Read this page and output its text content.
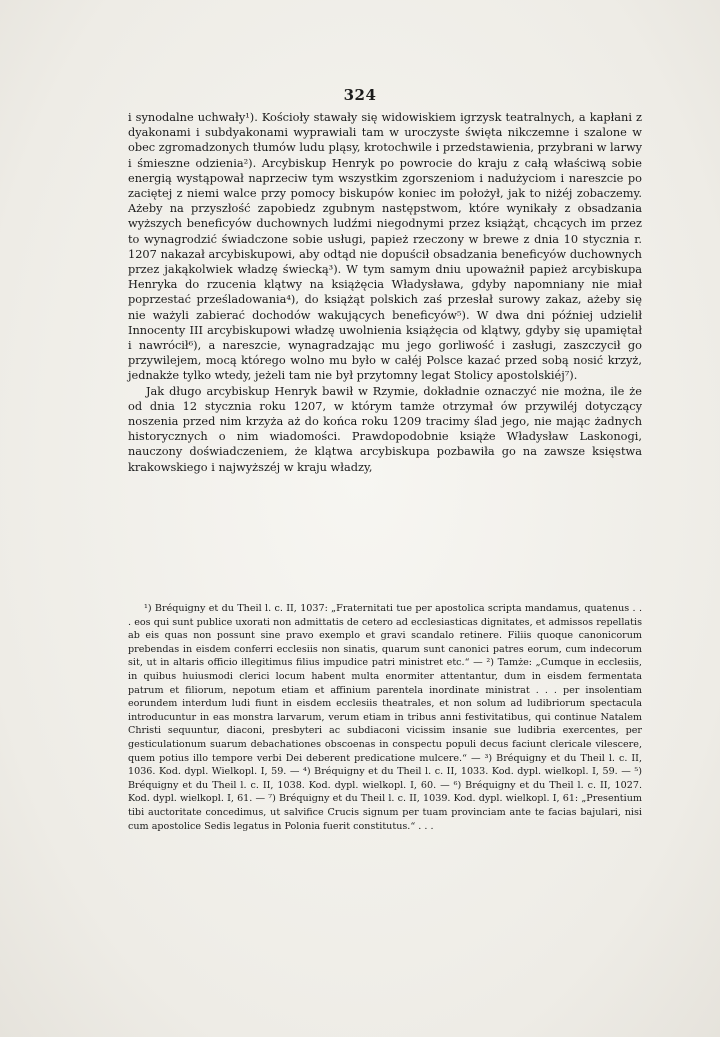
324

i synodalne uchwały¹). Kościoły stawały się widowiskiem igrzysk teatralnych, a kapłani z dyakonami i subdyakonami wyprawiali tam w uroczyste święta nikczemne i szalone w obec zgromadzonych tłumów ludu pląsy, krotochwile i przedstawienia, przybrani w larwy i śmieszne odzienia²). Arcybiskup Henryk po powrocie do kraju z całą właściwą sobie energią wystąpował naprzeciw tym wszystkim zgorszeniom i nadużyciom i nareszcie po zaciętej z niemi walce przy pomocy biskupów koniec im położył, jak to niżéj zobaczemy. Ażeby na przyszłość zapobiedz zgubnym następstwom, które wynikały z obsadzania wyższych beneficyów duchownych ludźmi niegodnymi przez książąt, chcących im przez to wynagrodzić świadczone sobie usługi, papież rzeczony w brewe z dnia 10 stycznia r. 1207 nakazał arcybiskupowi, aby odtąd nie dopuścił obsadzania beneficyów duchownych przez jakąkolwiek władzę świecką³). W tym samym dniu upoważnił papież arcybiskupa Henryka do rzucenia klątwy na książęcia Władysława, gdyby napomniany nie miał poprzestać prześladowania⁴), do książąt polskich zaś przesłał surowy zakaz, ażeby się nie ważyli zabierać dochodów wakujących beneficyów⁵). W dwa dni później udzielił Innocenty III arcybiskupowi władzę uwolnienia książęcia od klątwy, gdyby się upamiętał i nawrócił⁶), a nareszcie, wynagradzając mu jego gorliwość i zasługi, zaszczycił go przywilejem, mocą którego wolno mu było w całéj Polsce kazać przed sobą nosić krzyż, jednakże tylko wtedy, jeżeli tam nie był przytomny legat Stolicy apostolskiéj⁷).

Jak długo arcybiskup Henryk bawił w Rzymie, dokładnie oznaczyć nie można, ile że od dnia 12 stycznia roku 1207, w którym tamże otrzymał ów przywiléj dotyczący noszenia przed nim krzyża aż do końca roku 1209 tracimy ślad jego, nie mając żadnych historycznych o nim wiadomości. Prawdopodobnie książe Władysław Laskonogi, nauczony doświadczeniem, że klątwa arcybiskupa pozbawiła go na zawsze księstwa krakowskiego i najwyższéj w kraju władzy,

¹) Bréquigny et du Theil l. c. II, 1037: „Fraternitati tue per apostolica scripta mandamus, quatenus . . . eos qui sunt publice uxorati non admittatis de cetero ad ecclesiasticas dignitates, et admissos repellatis ab eis quas non possunt sine pravo exemplo et gravi scandalo retinere. Filiis quoque canonicorum prebendas in eisdem conferri ecclesiis non sinatis, quarum sunt canonici patres eorum, cum indecorum sit, ut in altaris officio illegitimus filius impudice patri ministret etc.“ — ²) Tamże: „Cumque in ecclesiis, in quibus huiusmodi clerici locum habent multa enormiter attentantur, dum in eisdem fermentata patrum et filiorum, nepotum etiam et affinium parentela inordinate ministrat . . . per insolentiam eorundem interdum ludi fiunt in eisdem ecclesiis theatrales, et non solum ad ludibriorum spectacula introducuntur in eas monstra larvarum, verum etiam in tribus anni festivitatibus, qui continue Natalem Christi sequuntur, diaconi, presbyteri ac subdiaconi vicissim insanie sue ludibria exercentes, per gesticulationum suarum debachationes obscoenas in conspectu populi decus faciunt clericale vilescere, quem potius illo tempore verbi Dei deberent predicatione mulcere.“ — ³) Bréquigny et du Theil l. c. II, 1036. Kod. dypl. Wielkopl. I, 59. — ⁴) Bréquigny et du Theil l. c. II, 1033. Kod. dypl. wielkopl. I, 59. — ⁵) Bréquigny et du Theil l. c. II, 1038. Kod. dypl. wielkopl. I, 60. — ⁶) Bréquigny et du Theil l. c. II, 1027. Kod. dypl. wielkopl. I, 61. — ⁷) Bréquigny et du Theil l. c. II, 1039. Kod. dypl. wielkopl. I, 61: „Presentium tibi auctoritate concedimus, ut salvifice Crucis signum per tuam provinciam ante te facias bajulari, nisi cum apostolice Sedis legatus in Polonia fuerit constitutus.“ . . .
